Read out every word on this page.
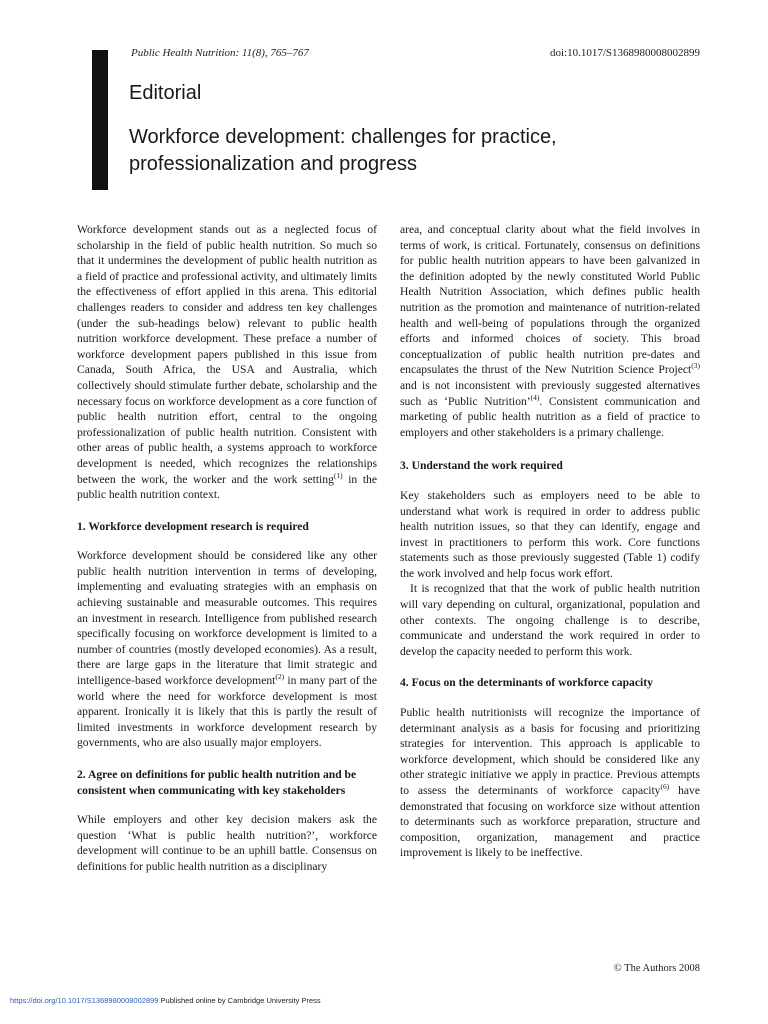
Public Health Nutrition: 11(8), 765–767	doi:10.1017/S1368980008002899
Editorial
Workforce development: challenges for practice, professionalization and progress

Workforce development stands out as a neglected focus of scholarship in the field of public health nutrition. So much so that it undermines the development of public health nutrition as a field of practice and professional activity, and ultimately limits the effectiveness of effort applied in this arena. This editorial challenges readers to consider and address ten key challenges (under the sub-headings below) relevant to public health nutrition workforce development. These preface a number of workforce development papers published in this issue from Canada, South Africa, the USA and Australia, which collectively should stimulate further debate, scholarship and the necessary focus on workforce development as a core function of public health nutrition effort, central to the ongoing professionalization of public health nutrition. Consistent with other areas of public health, a systems approach to workforce development is needed, which recognizes the relationships between the work, the worker and the work setting$^{(1)}$ in the public health nutrition context.

1. Workforce development research is required

Workforce development should be considered like any other public health nutrition intervention in terms of developing, implementing and evaluating strategies with an emphasis on achieving sustainable and measurable outcomes. This requires an investment in research. Intelligence from published research specifically focusing on workforce development is limited to a number of countries (mostly developed economies). As a result, there are large gaps in the literature that limit strategic and intelligence-based workforce development$^{(2)}$ in many part of the world where the need for workforce development is most apparent. Ironically it is likely that this is partly the result of limited investments in workforce development research by governments, who are also usually major employers.

2. Agree on definitions for public health nutrition and be consistent when communicating with key stakeholders

While employers and other key decision makers ask the question ‘What is public health nutrition?’, workforce development will continue to be an uphill battle. Consensus on definitions for public health nutrition as a disciplinary

area, and conceptual clarity about what the field involves in terms of work, is critical. Fortunately, consensus on definitions for public health nutrition appears to have been galvanized in the definition adopted by the newly constituted World Public Health Nutrition Association, which defines public health nutrition as the promotion and maintenance of nutrition-related health and well-being of populations through the organized efforts and informed choices of society. This broad conceptualization of public health nutrition pre-dates and encapsulates the thrust of the New Nutrition Science Project$^{(3)}$ and is not inconsistent with previously suggested alternatives such as ‘Public Nutrition’$^{(4)}$. Consistent communication and marketing of public health nutrition as a field of practice to employers and other stakeholders is a primary challenge.

3. Understand the work required

Key stakeholders such as employers need to be able to understand what work is required in order to address public health nutrition issues, so that they can identify, engage and invest in practitioners to perform this work. Core functions statements such as those previously suggested (Table 1) codify the work involved and help focus work effort.

It is recognized that that the work of public health nutrition will vary depending on cultural, organizational, population and other contexts. The ongoing challenge is to describe, communicate and understand the work required in order to develop the capacity needed to perform this work.

4. Focus on the determinants of workforce capacity

Public health nutritionists will recognize the importance of determinant analysis as a basis for focusing and prioritizing strategies for intervention. This approach is applicable to workforce development, which should be considered like any other strategic initiative we apply in practice. Previous attempts to assess the determinants of workforce capacity$^{(6)}$ have demonstrated that focusing on workforce size without attention to determinants such as workforce preparation, structure and composition, organization, management and practice improvement is likely to be ineffective.

© The Authors 2008
https://doi.org/10.1017/S1368980008002899 Published online by Cambridge University Press
